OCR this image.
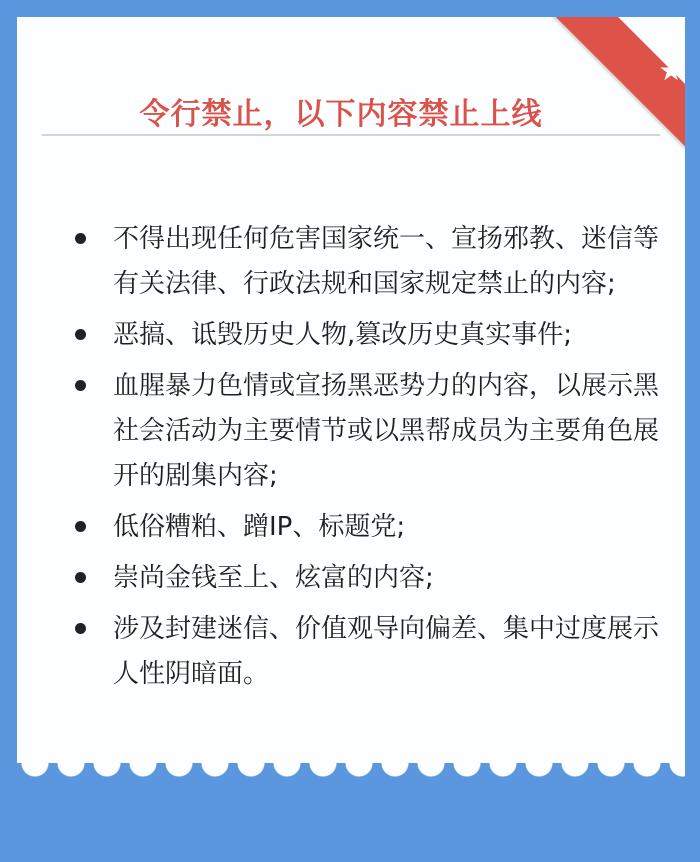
★
令行禁止，以下内容禁止上线
不得出现任何危害国家统一、宣扬邪教、迷信等有关法律、行政法规和国家规定禁止的内容;
恶搞、诋毁历史人物,篡改历史真实事件;
血腥暴力色情或宣扬黑恶势力的内容，以展示黑社会活动为主要情节或以黑帮成员为主要角色展开的剧集内容;
低俗糟粕、蹭IP、标题党;
崇尚金钱至上、炫富的内容;
涉及封建迷信、价值观导向偏差、集中过度展示人性阴暗面。
